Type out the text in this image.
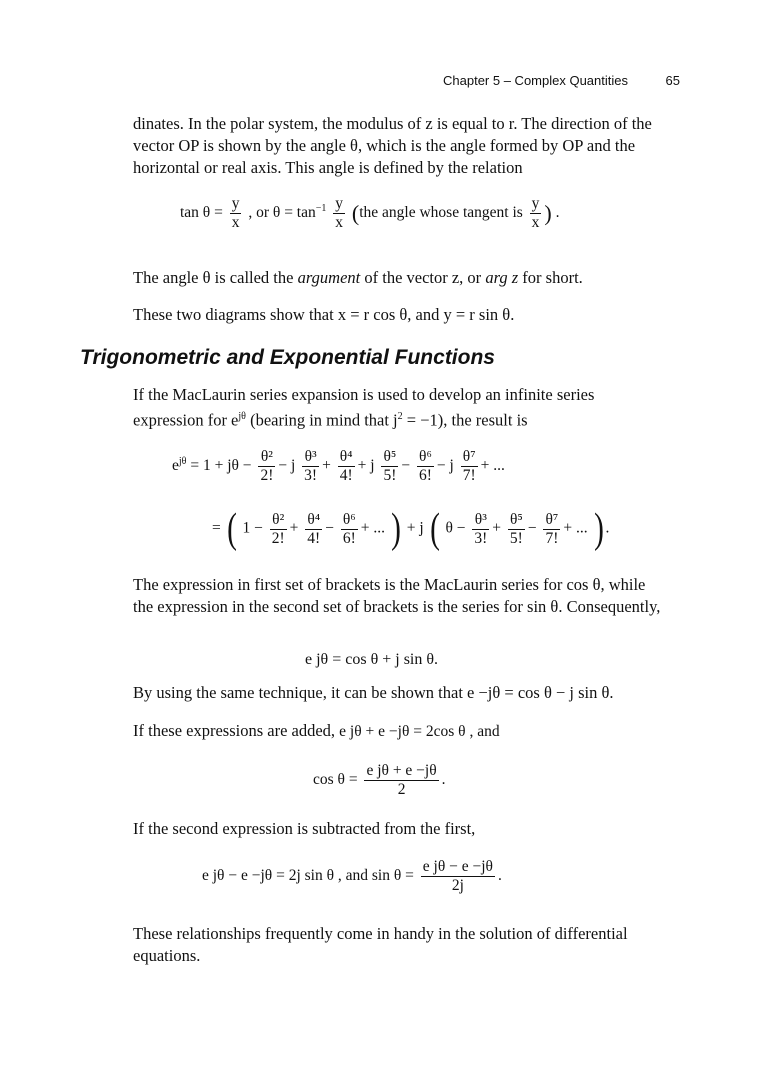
Chapter 5 – Complex Quantities	65

dinates. In the polar system, the modulus of z is equal to r. The direction of the vector OP is shown by the angle θ, which is the angle formed by OP and the horizontal or real axis. This angle is defined by the relation

$\tan \theta = \frac{y}{x}$ , or $\theta = \tan^{-1} \frac{y}{x} (the$ angle whose tangent is $\frac{y}{x}$ ) .

The angle θ is called the argument of the vector z, or arg z for short.

These two diagrams show that x = r cos θ, and y = r sin θ.

Trigonometric and Exponential Functions

If the MacLaurin series expansion is used to develop an infinite series
expression for $e^{j\theta}$ (bearing in mind that $j^2 = -1$), the result is

$e^{j\theta} = 1 + j\theta - \frac{\text{θ²}}{2!} - j \frac{\text{θ³}}{3!} + \frac{\text{θ⁴}}{4!} + j \frac{\text{θ⁵}}{5!} - \frac{\text{θ⁶}}{6!} - j \frac{\text{θ⁷}}{7!}$ + ...
= ( $1 - \frac{\text{θ²}}{2!} + \frac{\text{θ⁴}}{4!} - \frac{\text{θ⁶}}{6!}$ + ... ) + j ( $\theta - \frac{\text{θ³}}{3!} + \frac{\text{θ⁵}}{5!} - \frac{\text{θ⁷}}{7!}$ + ... ) .

The expression in first set of brackets is the MacLaurin series for cos θ, while the expression in the second set of brackets is the series for sin θ. Consequently,

e jθ = cos θ + j sin θ.

By using the same technique, it can be shown that e −jθ = cos θ − j sin θ.

If these expressions are added, e jθ + e −jθ = 2cos θ , and
$\cos \theta = \frac{\text{e jθ + e −jθ}}{2}$ .

If the second expression is subtracted from the first,

e jθ − e −jθ = 2j sin θ , and $\sin \theta = \frac{\text{e jθ − e −jθ}}{2j}$ .

These relationships frequently come in handy in the solution of differential equations.
